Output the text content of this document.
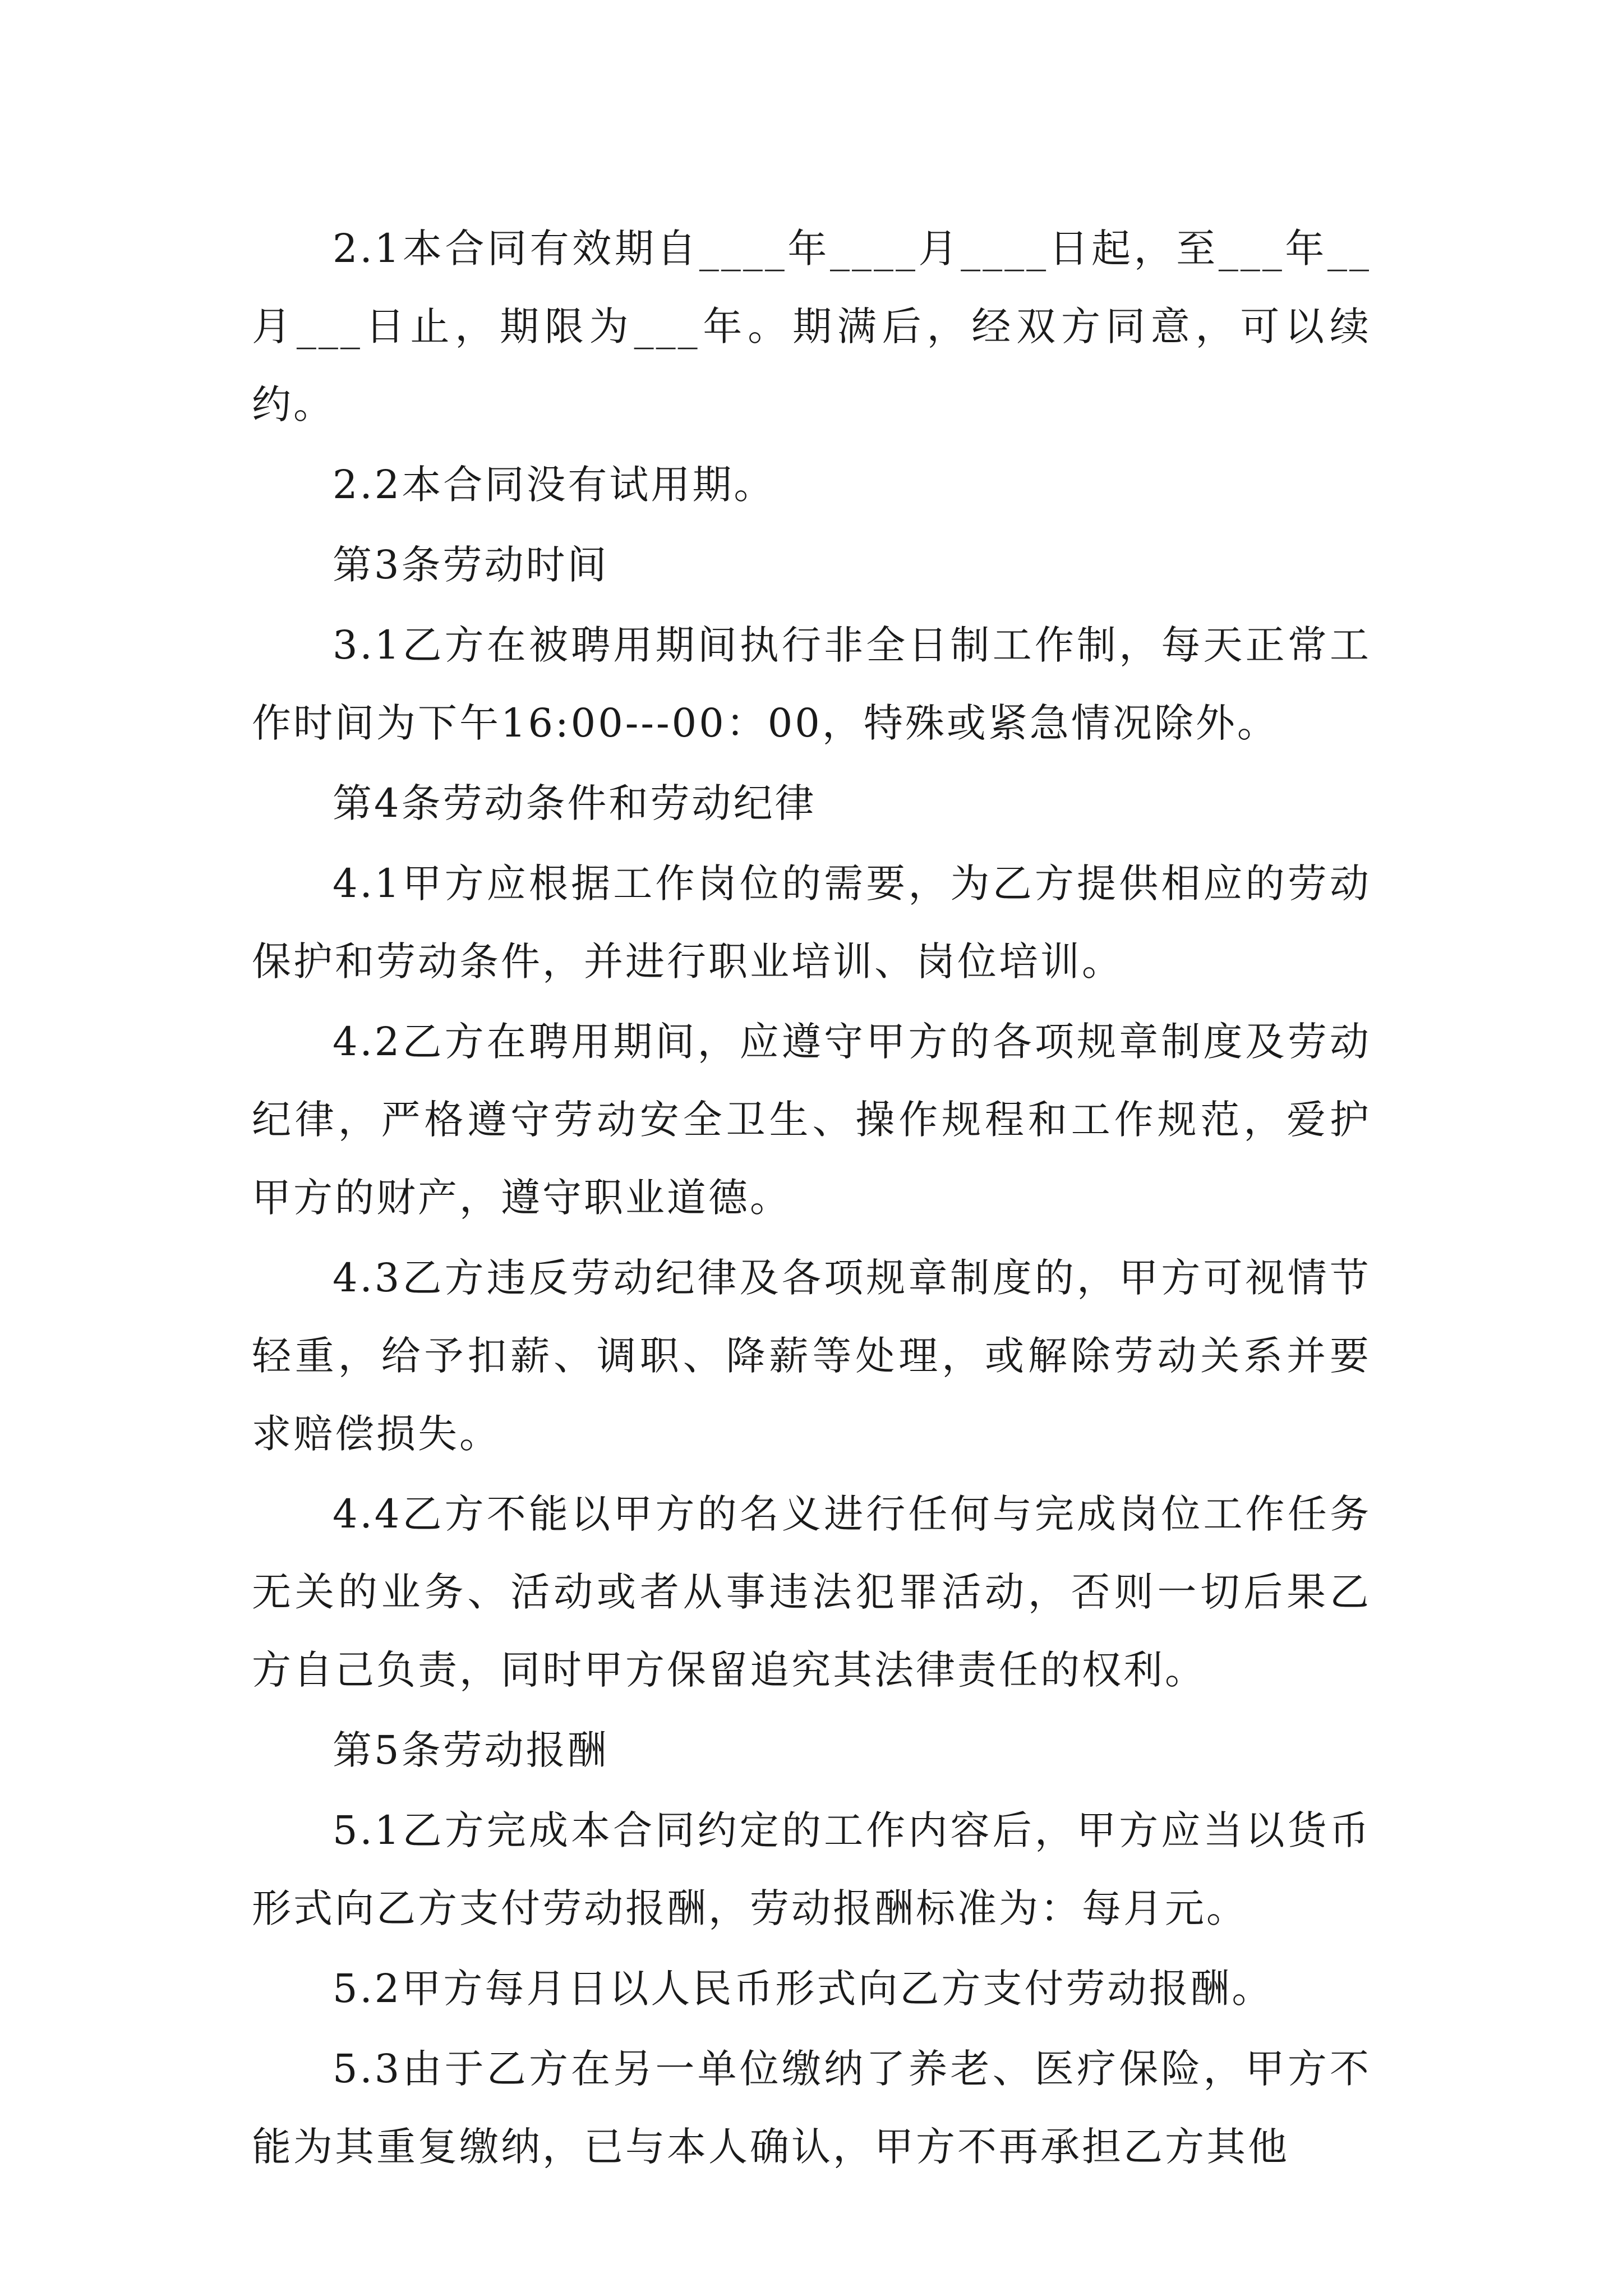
2.1本合同有效期自____年____月____日起，至___年__月___日止，期限为___年。期满后，经双方同意，可以续约。

2.2本合同没有试用期。

第3条劳动时间

3.1乙方在被聘用期间执行非全日制工作制，每天正常工作时间为下午16:00---00：00，特殊或紧急情况除外。

第4条劳动条件和劳动纪律

4.1甲方应根据工作岗位的需要，为乙方提供相应的劳动保护和劳动条件，并进行职业培训、岗位培训。

4.2乙方在聘用期间，应遵守甲方的各项规章制度及劳动纪律，严格遵守劳动安全卫生、操作规程和工作规范，爱护甲方的财产，遵守职业道德。

4.3乙方违反劳动纪律及各项规章制度的，甲方可视情节轻重，给予扣薪、调职、降薪等处理，或解除劳动关系并要求赔偿损失。

4.4乙方不能以甲方的名义进行任何与完成岗位工作任务无关的业务、活动或者从事违法犯罪活动，否则一切后果乙方自己负责，同时甲方保留追究其法律责任的权利。

第5条劳动报酬

5.1乙方完成本合同约定的工作内容后，甲方应当以货币形式向乙方支付劳动报酬，劳动报酬标准为：每月元。

5.2甲方每月日以人民币形式向乙方支付劳动报酬。

5.3由于乙方在另一单位缴纳了养老、医疗保险，甲方不能为其重复缴纳，已与本人确认，甲方不再承担乙方其他
